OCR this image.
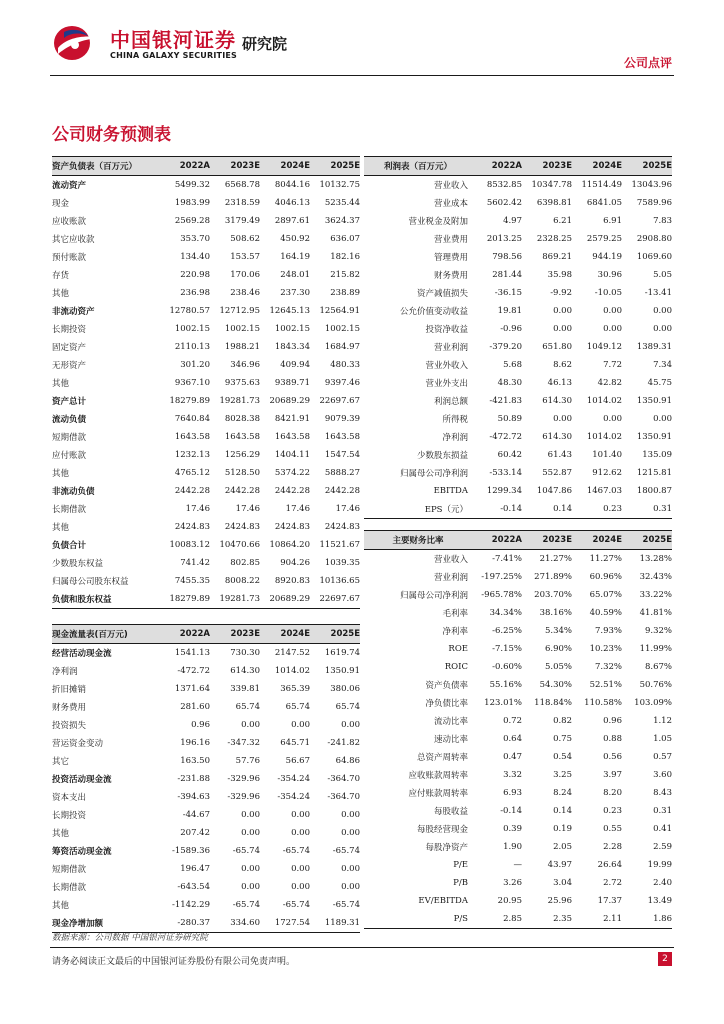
中国银河证券
CHINA GALAXY SECURITIES
研究院
公司点评
公司财务预测表
资产负债表（百万元）	2022A	2023E	2024E	2025E
流动资产	5499.32	6568.78	8044.16	10132.75
现金	1983.99	2318.59	4046.13	5235.44
应收账款	2569.28	3179.49	2897.61	3624.37
其它应收款	353.70	508.62	450.92	636.07
预付账款	134.40	153.57	164.19	182.16
存货	220.98	170.06	248.01	215.82
其他	236.98	238.46	237.30	238.89
非流动资产	12780.57	12712.95	12645.13	12564.91
长期投资	1002.15	1002.15	1002.15	1002.15
固定资产	2110.13	1988.21	1843.34	1684.97
无形资产	301.20	346.96	409.94	480.33
其他	9367.10	9375.63	9389.71	9397.46
资产总计	18279.89	19281.73	20689.29	22697.67
流动负债	7640.84	8028.38	8421.91	9079.39
短期借款	1643.58	1643.58	1643.58	1643.58
应付账款	1232.13	1256.29	1404.11	1547.54
其他	4765.12	5128.50	5374.22	5888.27
非流动负债	2442.28	2442.28	2442.28	2442.28
长期借款	17.46	17.46	17.46	17.46
其他	2424.83	2424.83	2424.83	2424.83
负债合计	10083.12	10470.66	10864.20	11521.67
少数股东权益	741.42	802.85	904.26	1039.35
归属母公司股东权益	7455.35	8008.22	8920.83	10136.65
负债和股东权益	18279.89	19281.73	20689.29	22697.67
现金流量表(百万元)	2022A	2023E	2024E	2025E
经营活动现金流	1541.13	730.30	2147.52	1619.74
净利润	-472.72	614.30	1014.02	1350.91
折旧摊销	1371.64	339.81	365.39	380.06
财务费用	281.60	65.74	65.74	65.74
投资损失	0.96	0.00	0.00	0.00
营运资金变动	196.16	-347.32	645.71	-241.82
其它	163.50	57.76	56.67	64.86
投资活动现金流	-231.88	-329.96	-354.24	-364.70
资本支出	-394.63	-329.96	-354.24	-364.70
长期投资	-44.67	0.00	0.00	0.00
其他	207.42	0.00	0.00	0.00
筹资活动现金流	-1589.36	-65.74	-65.74	-65.74
短期借款	196.47	0.00	0.00	0.00
长期借款	-643.54	0.00	0.00	0.00
其他	-1142.29	-65.74	-65.74	-65.74
现金净增加额	-280.37	334.60	1727.54	1189.31
利润表（百万元）	2022A	2023E	2024E	2025E
营业收入	8532.85	10347.78	11514.49	13043.96
营业成本	5602.42	6398.81	6841.05	7589.96
营业税金及附加	4.97	6.21	6.91	7.83
营业费用	2013.25	2328.25	2579.25	2908.80
管理费用	798.56	869.21	944.19	1069.60
财务费用	281.44	35.98	30.96	5.05
资产减值损失	-36.15	-9.92	-10.05	-13.41
公允价值变动收益	19.81	0.00	0.00	0.00
投资净收益	-0.96	0.00	0.00	0.00
营业利润	-379.20	651.80	1049.12	1389.31
营业外收入	5.68	8.62	7.72	7.34
营业外支出	48.30	46.13	42.82	45.75
利润总额	-421.83	614.30	1014.02	1350.91
所得税	50.89	0.00	0.00	0.00
净利润	-472.72	614.30	1014.02	1350.91
少数股东损益	60.42	61.43	101.40	135.09
归属母公司净利润	-533.14	552.87	912.62	1215.81
EBITDA	1299.34	1047.86	1467.03	1800.87
EPS（元）	-0.14	0.14	0.23	0.31
主要财务比率	2022A	2023E	2024E	2025E
营业收入	-7.41%	21.27%	11.27%	13.28%
营业利润	-197.25%	271.89%	60.96%	32.43%
归属母公司净利润	-965.78%	203.70%	65.07%	33.22%
毛利率	34.34%	38.16%	40.59%	41.81%
净利率	-6.25%	5.34%	7.93%	9.32%
ROE	-7.15%	6.90%	10.23%	11.99%
ROIC	-0.60%	5.05%	7.32%	8.67%
资产负债率	55.16%	54.30%	52.51%	50.76%
净负债比率	123.01%	118.84%	110.58%	103.09%
流动比率	0.72	0.82	0.96	1.12
速动比率	0.64	0.75	0.88	1.05
总资产周转率	0.47	0.54	0.56	0.57
应收账款周转率	3.32	3.25	3.97	3.60
应付账款周转率	6.93	8.24	8.20	8.43
每股收益	-0.14	0.14	0.23	0.31
每股经营现金	0.39	0.19	0.55	0.41
每股净资产	1.90	2.05	2.28	2.59
P/E	—	43.97	26.64	19.99
P/B	3.26	3.04	2.72	2.40
EV/EBITDA	20.95	25.96	17.37	13.49
P/S	2.85	2.35	2.11	1.86
数据来源：公司数据 中国银河证券研究院
请务必阅读正文最后的中国银河证券股份有限公司免责声明。	2
